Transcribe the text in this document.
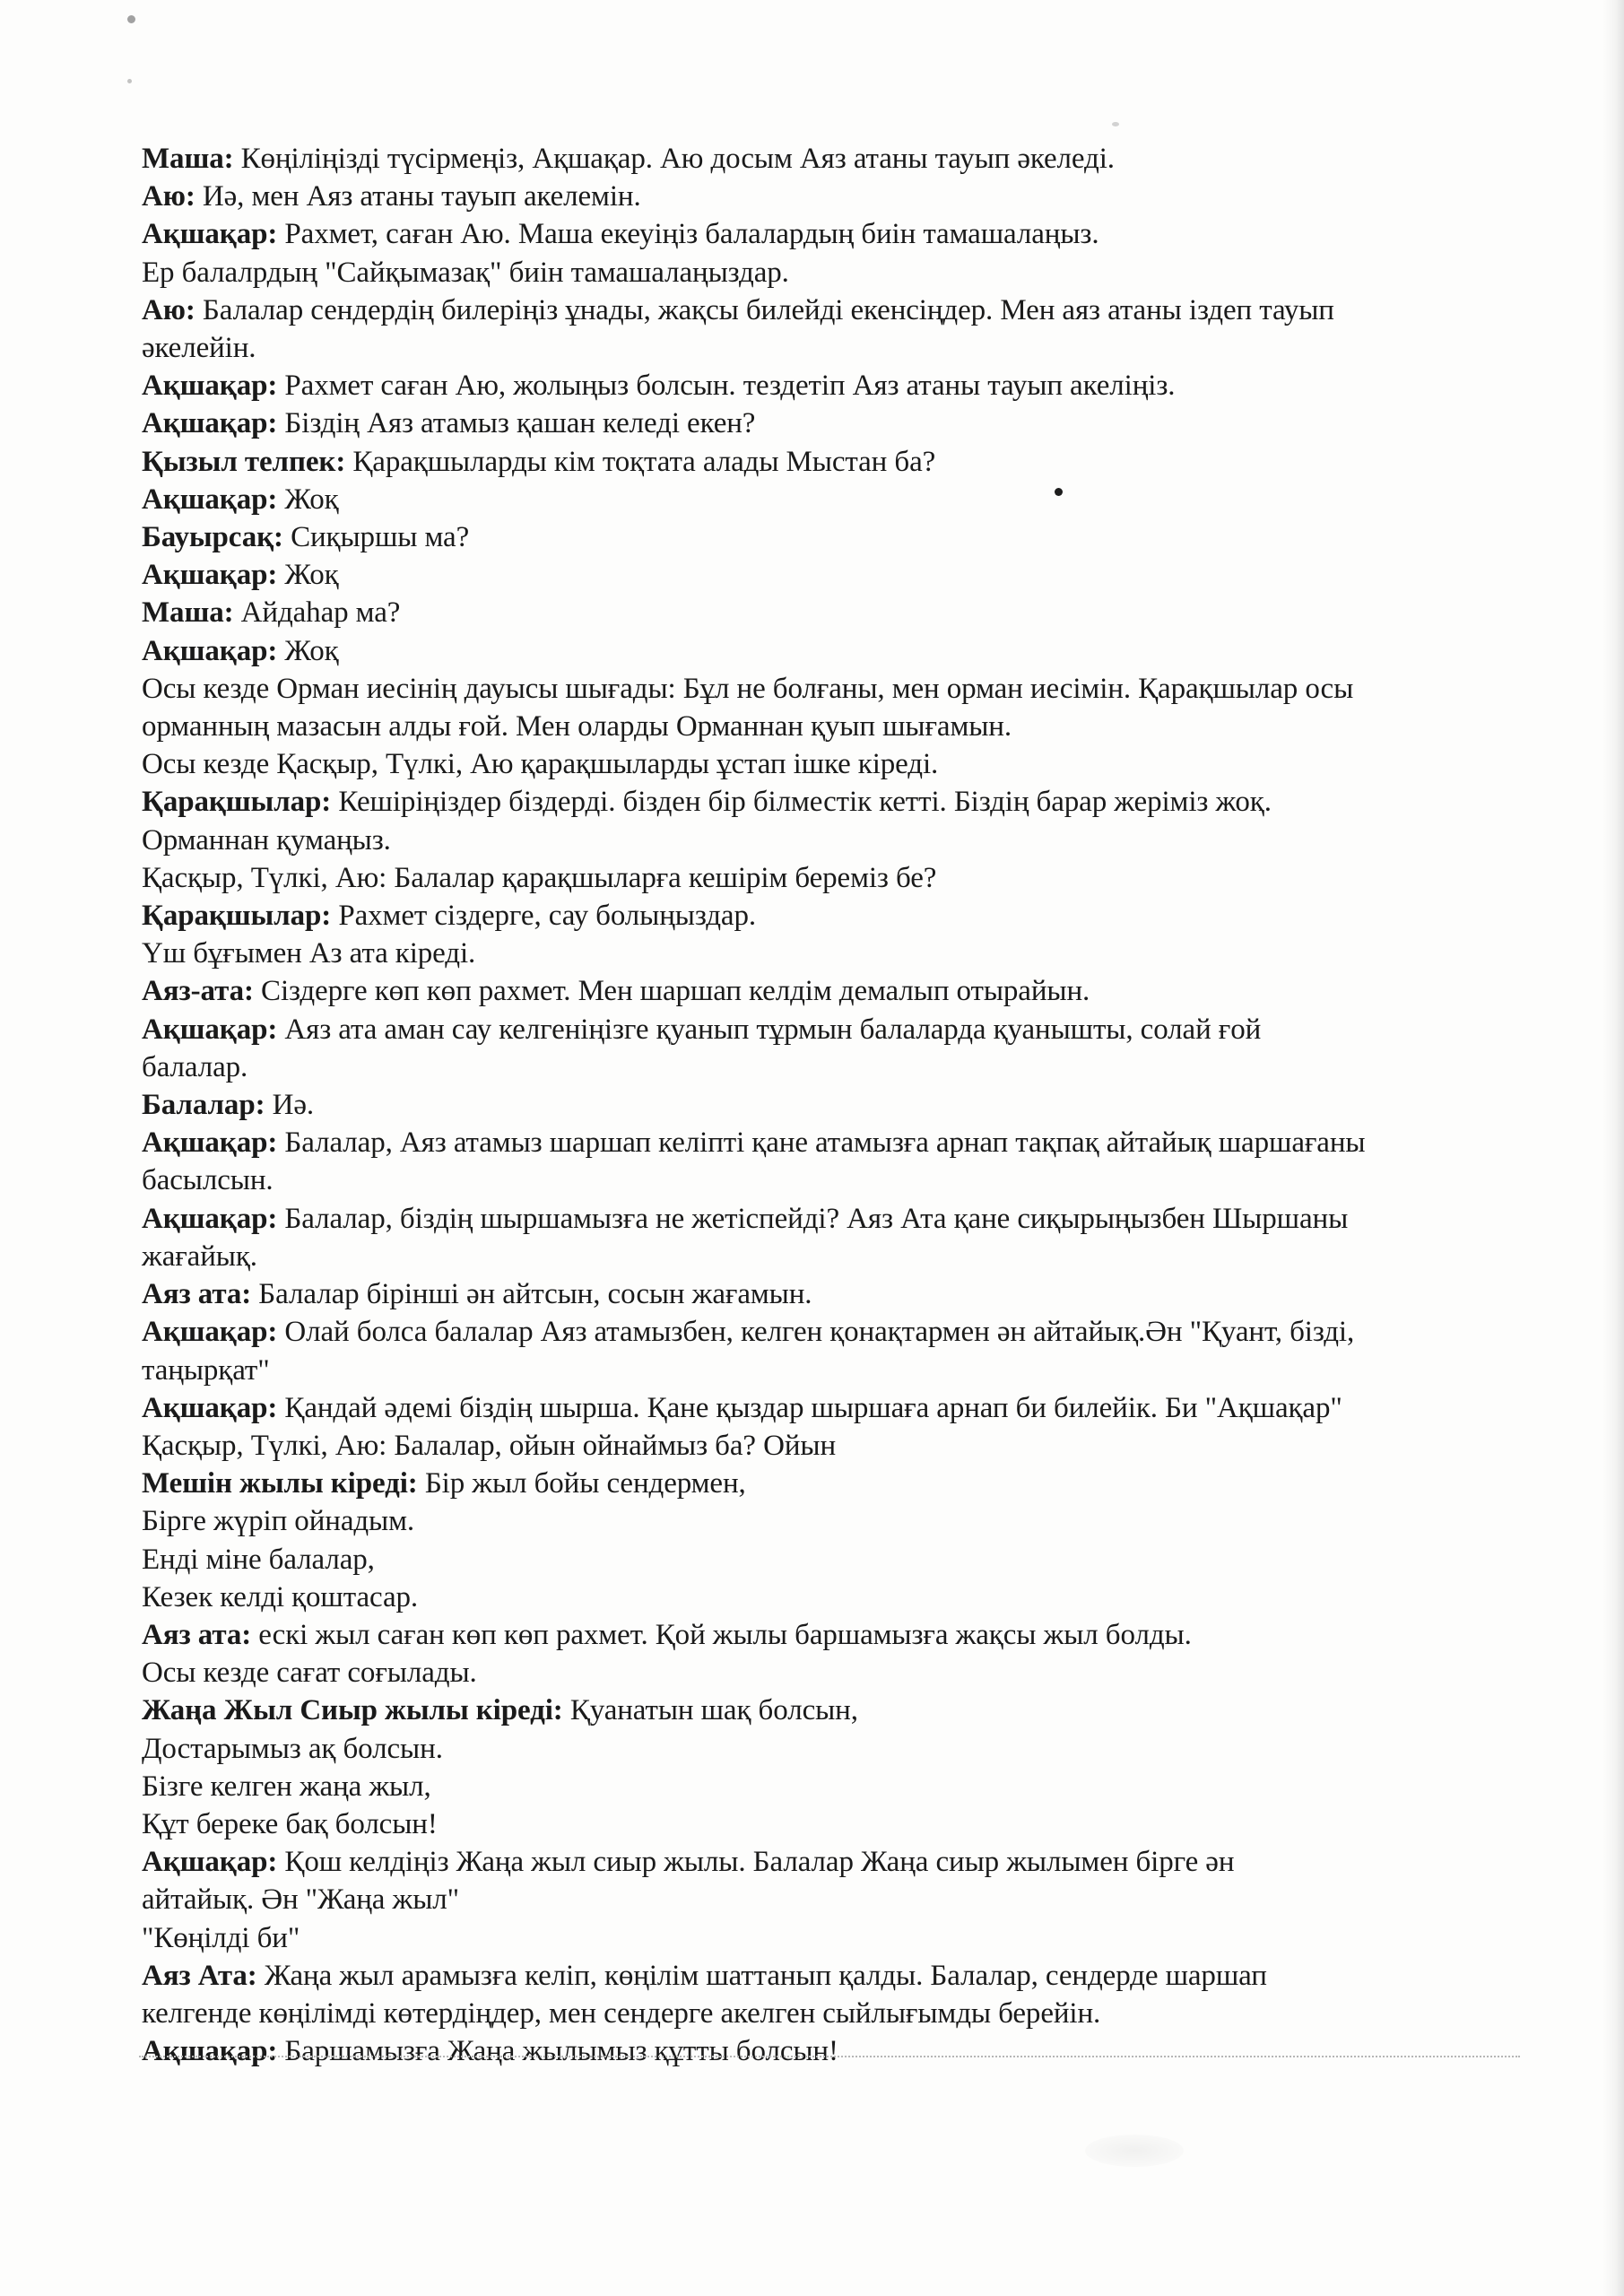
Маша: Көңіліңізді түсірмеңіз, Ақшақар. Аю досым Аяз атаны тауып әкеледі.
Аю: Иә, мен Аяз атаны тауып акелемін.
Ақшақар: Рахмет, саған Аю. Маша екеуіңіз балалардың биін тамашалаңыз.
Ер балалрдың "Сайқымазақ" биін тамашалаңыздар.
Аю: Балалар сендердің билеріңіз ұнады, жақсы билейді екенсіңдер. Мен аяз атаны іздеп тауып
әкелейін.
Ақшақар: Рахмет саған Аю, жолыңыз болсын. тездетіп Аяз атаны тауып акеліңіз.
Ақшақар: Біздің Аяз атамыз қашан келеді екен?
Қызыл телпек: Қарақшыларды кім тоқтата алады Мыстан ба?
Ақшақар: Жоқ
Бауырсақ: Сиқыршы ма?
Ақшақар: Жоқ
Маша: Айдаһар ма?
Ақшақар: Жоқ
Осы кезде Орман иесінің дауысы шығады: Бұл не болғаны, мен орман иесімін. Қарақшылар осы
орманның мазасын алды ғой. Мен оларды Орманнан қуып шығамын.
Осы кезде Қасқыр, Түлкі, Аю қарақшыларды ұстап ішке кіреді.
Қарақшылар: Кешіріңіздер біздерді. бізден бір білместік кетті. Біздің барар жеріміз жоқ.
Орманнан қумаңыз.
Қасқыр, Түлкі, Аю: Балалар қарақшыларға кешірім береміз бе?
Қарақшылар: Рахмет сіздерге, сау болыңыздар.
Үш бұғымен Аз ата кіреді.
Аяз-ата: Сіздерге көп көп рахмет. Мен шаршап келдім демалып отырайын.
Ақшақар: Аяз ата аман сау келгеніңізге қуанып тұрмын балаларда қуанышты, солай ғой
балалар.
Балалар: Иә.
Ақшақар: Балалар, Аяз атамыз шаршап келіпті қане атамызға арнап тақпақ айтайық шаршағаны
басылсын.
Ақшақар: Балалар, біздің шыршамызға не жетіспейді? Аяз Ата қане сиқырыңызбен Шыршаны
жағайық.
Аяз ата: Балалар бірінші ән айтсын, сосын жағамын.
Ақшақар: Олай болса балалар Аяз атамызбен, келген қонақтармен ән айтайық.Ән "Қуант, бізді,
таңырқат"
Ақшақар: Қандай әдемі біздің шырша. Қане қыздар шыршаға арнап би билейік. Би "Ақшақар"
Қасқыр, Түлкі, Аю: Балалар, ойын ойнаймыз ба? Ойын
Мешін жылы кіреді: Бір жыл бойы сендермен,
Бірге жүріп ойнадым.
Енді міне балалар,
Кезек келді қоштасар.
Аяз ата: ескі жыл саған көп көп рахмет. Қой жылы баршамызға жақсы жыл болды.
Осы кезде сағат соғылады.
Жаңа Жыл Сиыр жылы кіреді: Қуанатын шақ болсын,
Достарымыз ақ болсын.
Бізге келген жаңа жыл,
Құт береке бақ болсын!
Ақшақар: Қош келдіңіз Жаңа жыл сиыр жылы. Балалар Жаңа сиыр жылымен бірге ән
айтайық. Ән "Жаңа жыл"
"Көңілді би"
Аяз Ата: Жаңа жыл арамызға келіп, көңілім шаттанып қалды. Балалар, сендерде шаршап
келгенде көңілімді көтердіңдер, мен сендерге акелген сыйлығымды берейін.
Ақшақар: Баршамызға Жаңа жылымыз құтты болсын!
